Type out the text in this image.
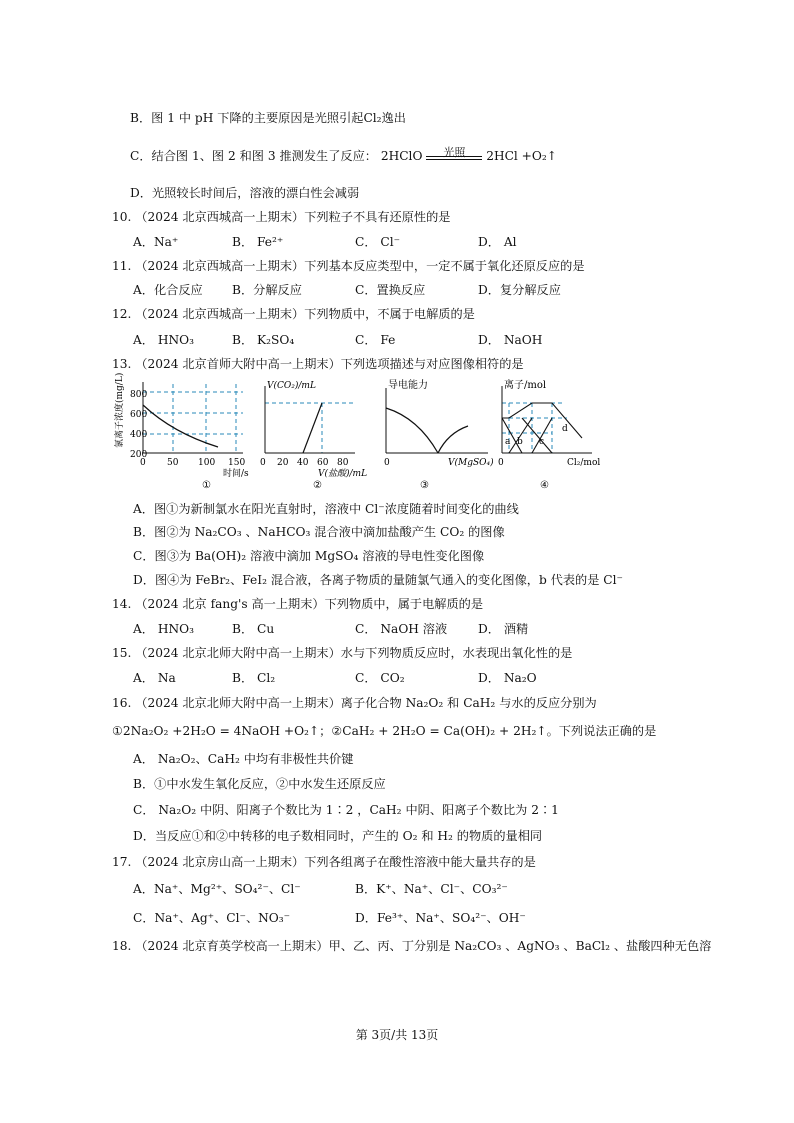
B．图 1 中 pH 下降的主要原因是光照引起Cl₂逸出
C．结合图 1、图 2 和图 3 推测发生了反应： 2HClO	光照	2HCl +O₂↑
D．光照较长时间后，溶液的漂白性会减弱
10. （2024 北京西城高一上期末）下列粒子不具有还原性的是
A．Na⁺	B． Fe²⁺	C． Cl⁻	D． Al
11. （2024 北京西城高一上期末）下列基本反应类型中，一定不属于氧化还原反应的是
A．化合反应 B．分解反应	C．置换反应	D．复分解反应
12. （2024 北京西城高一上期末）下列物质中，不属于电解质的是
A． HNO₃	B． K₂SO₄	C． Fe	D． NaOH
13. （2024 北京首师大附中高一上期末）下列选项描述与对应图像相符的是
氯离子浓度(mg/L) 800
600
400
200
0 50 100 150
时间/s
①
V(CO₂)/mL
0 20 40 60 80
V(盐酸)/mL
②
导电能力
0	V(MgSO₄)
③
离子/mol
a b c
d
0	Cl₂/mol
④
A．图①为新制氯水在阳光直射时，溶液中 Cl⁻浓度随着时间变化的曲线
B．图②为 Na₂CO₃ 、NaHCO₃ 混合液中滴加盐酸产生 CO₂ 的图像
C．图③为 Ba(OH)₂ 溶液中滴加 MgSO₄ 溶液的导电性变化图像
D．图④为 FeBr₂、FeI₂ 混合液，各离子物质的量随氯气通入的变化图像，b 代表的是 Cl⁻
14. （2024 北京 fang's 高一上期末）下列物质中，属于电解质的是
A． HNO₃	B． Cu	C． NaOH 溶液	D． 酒精
15. （2024 北京北师大附中高一上期末）水与下列物质反应时，水表现出氧化性的是
A． Na	B． Cl₂	C． CO₂	D． Na₂O
16. （2024 北京北师大附中高一上期末）离子化合物 Na₂O₂ 和 CaH₂ 与水的反应分别为
①2Na₂O₂ +2H₂O = 4NaOH +O₂↑；②CaH₂ + 2H₂O = Ca(OH)₂ + 2H₂↑。下列说法正确的是
A． Na₂O₂、CaH₂ 中均有非极性共价键
B．①中水发生氧化反应，②中水发生还原反应
C． Na₂O₂ 中阴、阳离子个数比为 1∶2 ，CaH₂ 中阴、阳离子个数比为 2∶1
D．当反应①和②中转移的电子数相同时，产生的 O₂ 和 H₂ 的物质的量相同
17. （2024 北京房山高一上期末）下列各组离子在酸性溶液中能大量共存的是
A．Na⁺、Mg²⁺、SO₄²⁻、Cl⁻	B．K⁺、Na⁺、Cl⁻、CO₃²⁻
C．Na⁺、Ag⁺、Cl⁻、NO₃⁻	D．Fe³⁺、Na⁺、SO₄²⁻、OH⁻
18. （2024 北京育英学校高一上期末）甲、乙、丙、丁分别是 Na₂CO₃ 、AgNO₃ 、BaCl₂ 、盐酸四种无色溶
第 3页/共 13页
